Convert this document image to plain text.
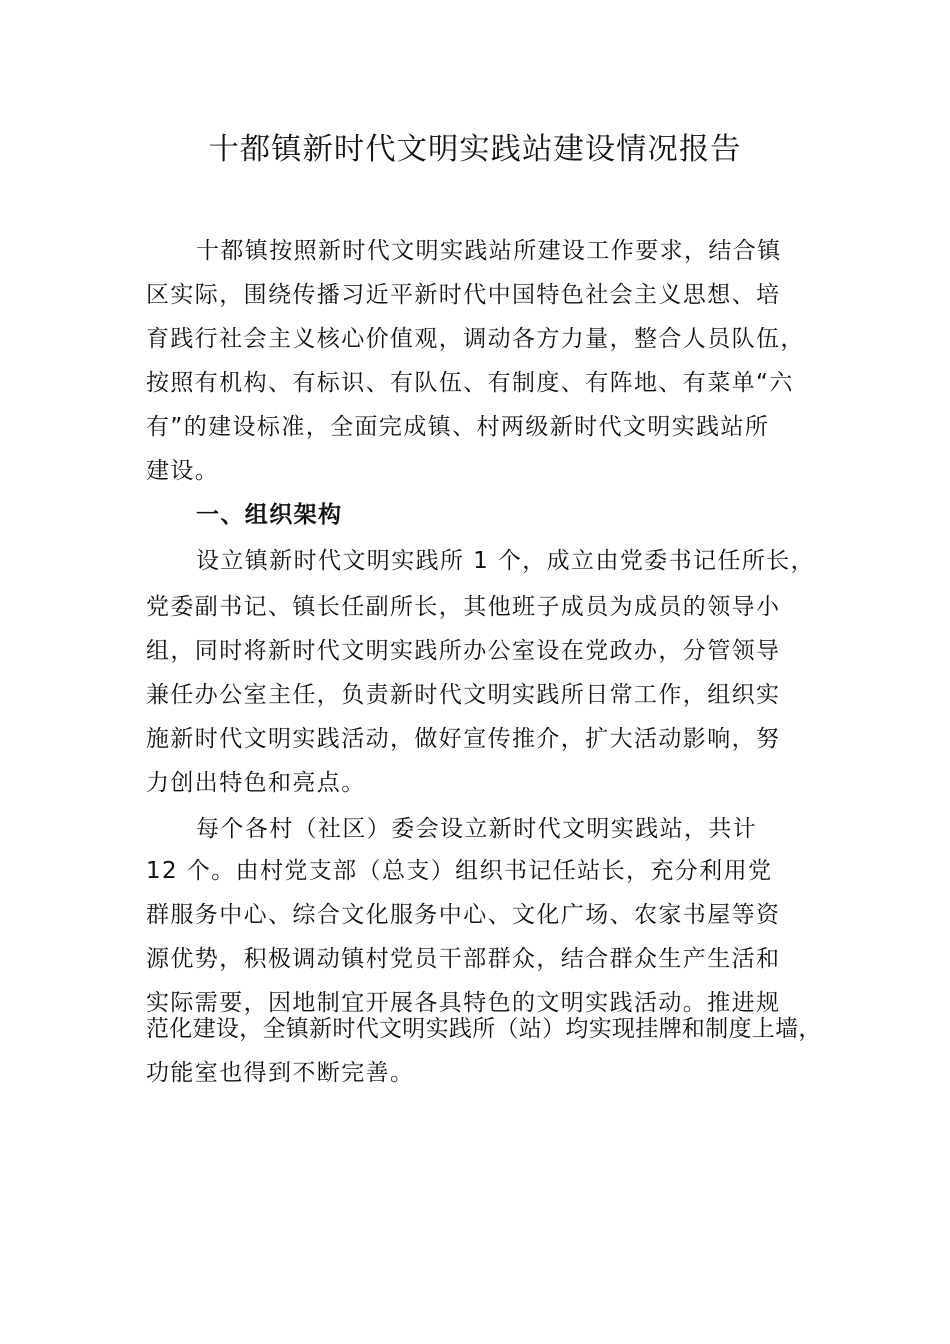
十都镇新时代文明实践站建设情况报告

十都镇按照新时代文明实践站所建设工作要求，结合镇

区实际，围绕传播习近平新时代中国特色社会主义思想、培

育践行社会主义核心价值观，调动各方力量，整合人员队伍，

按照有机构、有标识、有队伍、有制度、有阵地、有菜单“六

有”的建设标准，全面完成镇、村两级新时代文明实践站所

建设。

一、组织架构

设立镇新时代文明实践所 1 个，成立由党委书记任所长，

党委副书记、镇长任副所长，其他班子成员为成员的领导小

组，同时将新时代文明实践所办公室设在党政办，分管领导

兼任办公室主任，负责新时代文明实践所日常工作，组织实

施新时代文明实践活动，做好宣传推介，扩大活动影响，努

力创出特色和亮点。

每个各村（社区）委会设立新时代文明实践站，共计

12 个。由村党支部（总支）组织书记任站长，充分利用党

群服务中心、综合文化服务中心、文化广场、农家书屋等资

源优势，积极调动镇村党员干部群众，结合群众生产生活和

实际需要，因地制宜开展各具特色的文明实践活动。推进规

范化建设，全镇新时代文明实践所（站）均实现挂牌和制度上墙，

功能室也得到不断完善。
